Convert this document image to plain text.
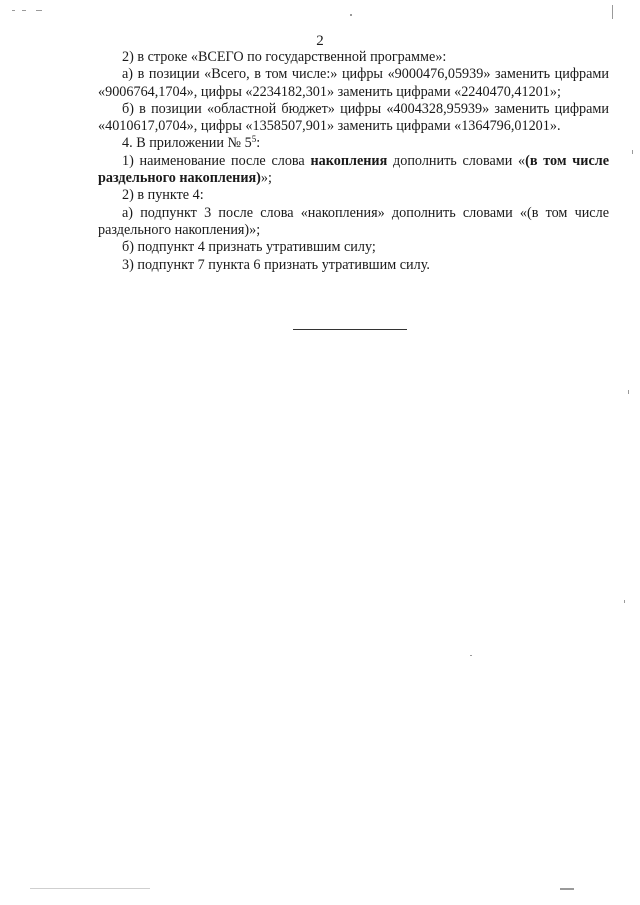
2

2) в строке «ВСЕГО по государственной программе»:

а) в позиции «Всего, в том числе:» цифры «9000476,05939» заменить цифрами «9006764,1704», цифры «2234182,301» заменить цифрами «2240470,41201»;

б) в позиции «областной бюджет» цифры «4004328,95939» заменить цифрами «4010617,0704», цифры «1358507,901» заменить цифрами «1364796,01201».

4. В приложении № $5^5$:

1) наименование после слова накопления дополнить словами «(в том числе раздельного накопления)»;

2) в пункте 4:

а) подпункт 3 после слова «накопления» дополнить словами «(в том числе раздельного накопления)»;

б) подпункт 4 признать утратившим силу;

3) подпункт 7 пункта 6 признать утратившим силу.
